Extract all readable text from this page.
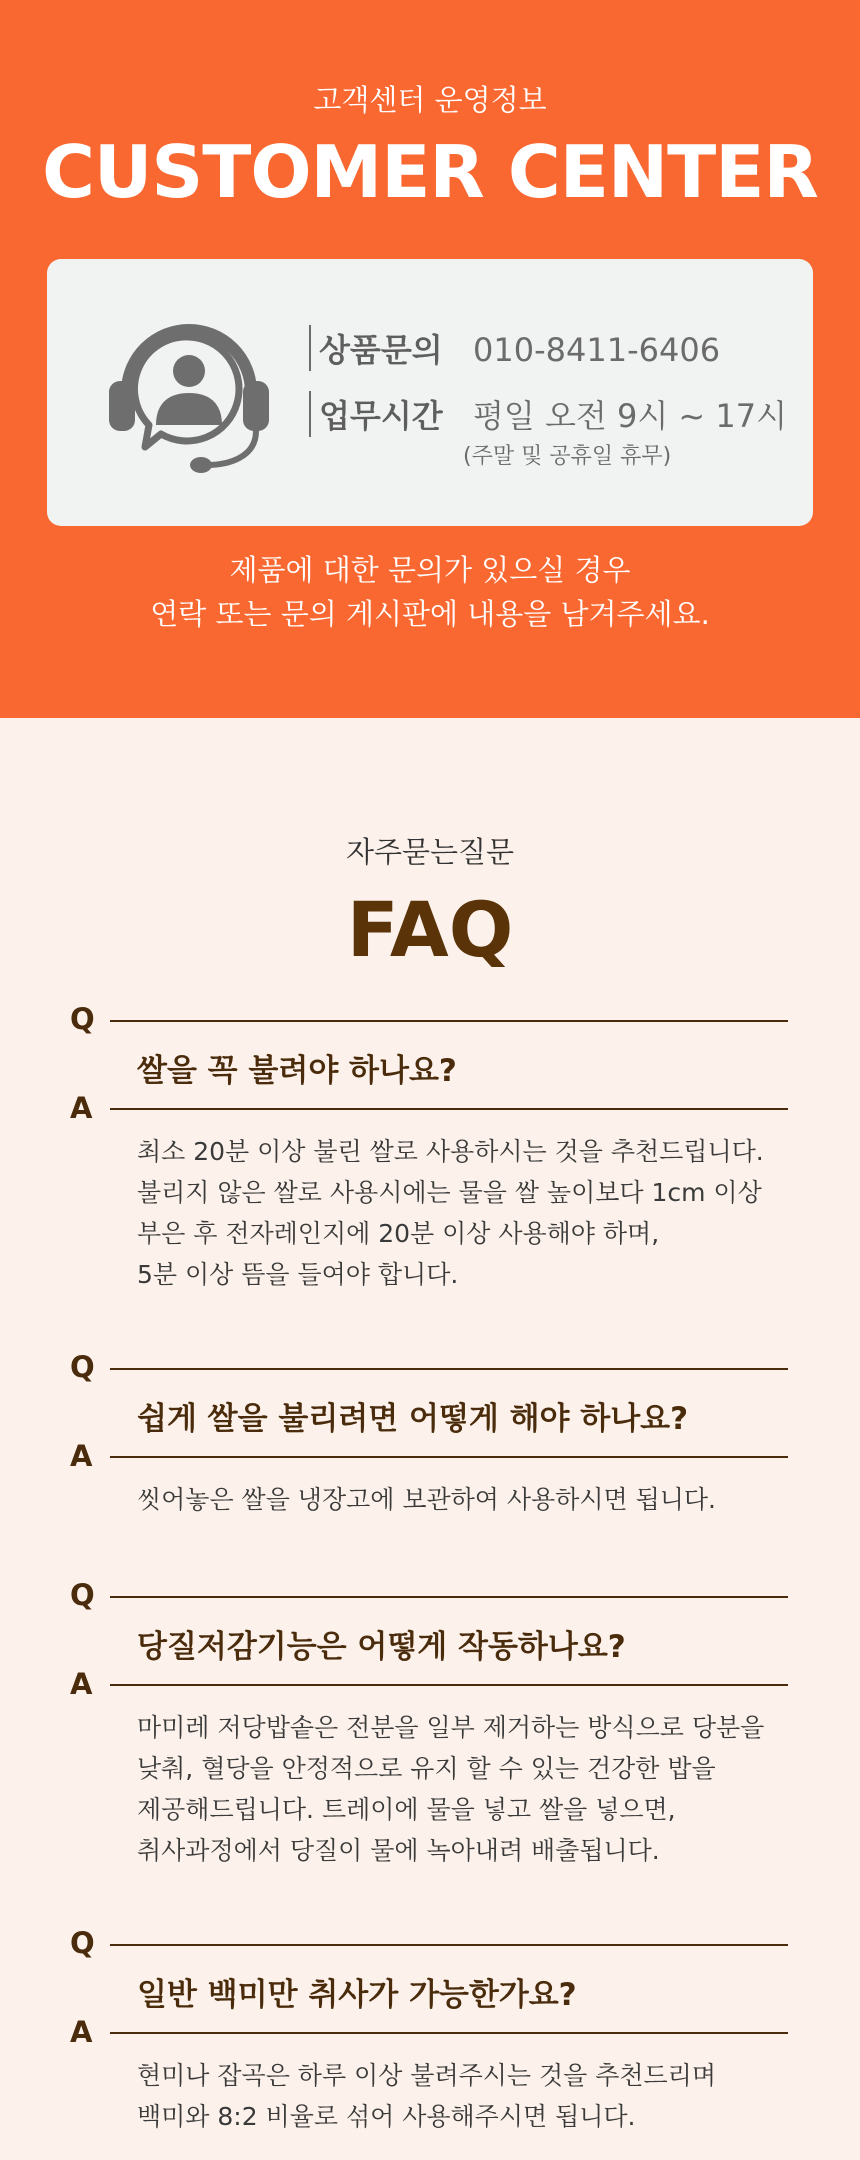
고객센터 운영정보
CUSTOMER CENTER
상품문의 010-8411-6406
업무시간 평일 오전 9시 ~ 17시
(주말 및 공휴일 휴무)
제품에 대한 문의가 있으실 경우
연락 또는 문의 게시판에 내용을 남겨주세요.
자주묻는질문
FAQ
Q
쌀을 꼭 불려야 하나요?
A
최소 20분 이상 불린 쌀로 사용하시는 것을 추천드립니다.
불리지 않은 쌀로 사용시에는 물을 쌀 높이보다 1cm 이상
부은 후 전자레인지에 20분 이상 사용해야 하며,
5분 이상 뜸을 들여야 합니다.
Q
쉽게 쌀을 불리려면 어떻게 해야 하나요?
A
씻어놓은 쌀을 냉장고에 보관하여 사용하시면 됩니다.
Q
당질저감기능은 어떻게 작동하나요?
A
마미레 저당밥솥은 전분을 일부 제거하는 방식으로 당분을
낮춰, 혈당을 안정적으로 유지 할 수 있는 건강한 밥을
제공해드립니다. 트레이에 물을 넣고 쌀을 넣으면,
취사과정에서 당질이 물에 녹아내려 배출됩니다.
Q
일반 백미만 취사가 가능한가요?
A
현미나 잡곡은 하루 이상 불려주시는 것을 추천드리며
백미와 8:2 비율로 섞어 사용해주시면 됩니다.
